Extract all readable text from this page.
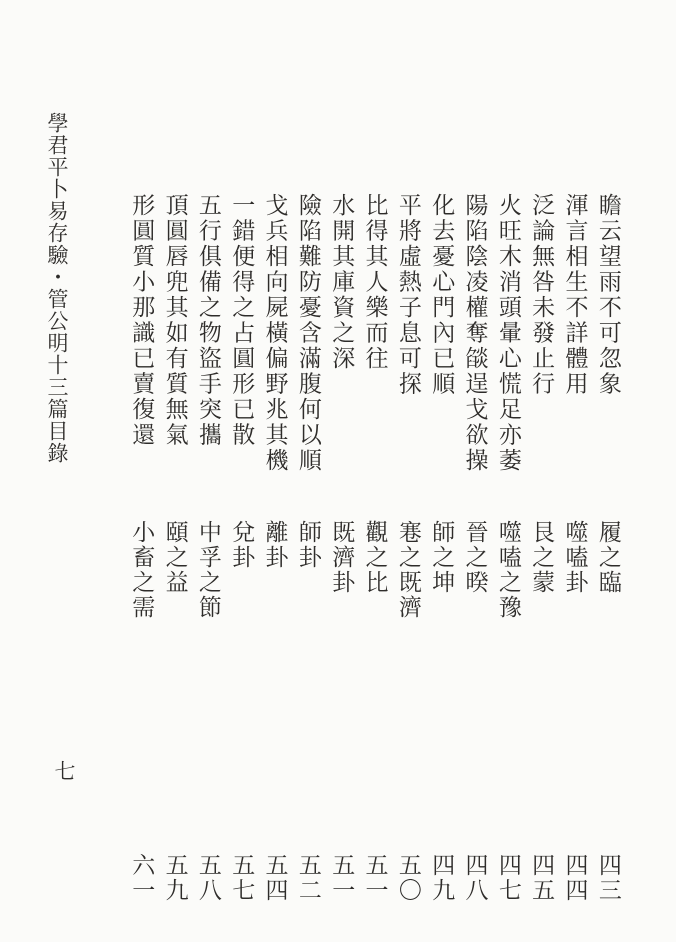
學君平卜易存驗・管公明十三篇目錄	瞻云望雨不可忽象
履之臨
四三
渾言相生不詳體用
噬嗑卦
四四
泛論無咎未發止行
艮之蒙
四五
火旺木消頭暈心慌足亦萎
噬嗑之豫
四七
陽陷陰凌權奪燄逞戈欲操
晉之暌
四八
化去憂心門內已順
師之坤
四九
平將虛熱子息可探
寋之既濟
五〇
比得其人樂而往
觀之比
五一
水開其庫資之深
既濟卦
五一
險陷難防憂含滿腹何以順
師卦
五二
戈兵相向屍橫偏野兆其機
離卦
五四
一錯便得之占圓形已散
兌卦
五七
五行俱備之物盜手突攜
中孚之節
五八
頂圓唇兜其如有質無氣
頤之益
五九
形圓質小那識已賣復還
小畜之需
六一
七
